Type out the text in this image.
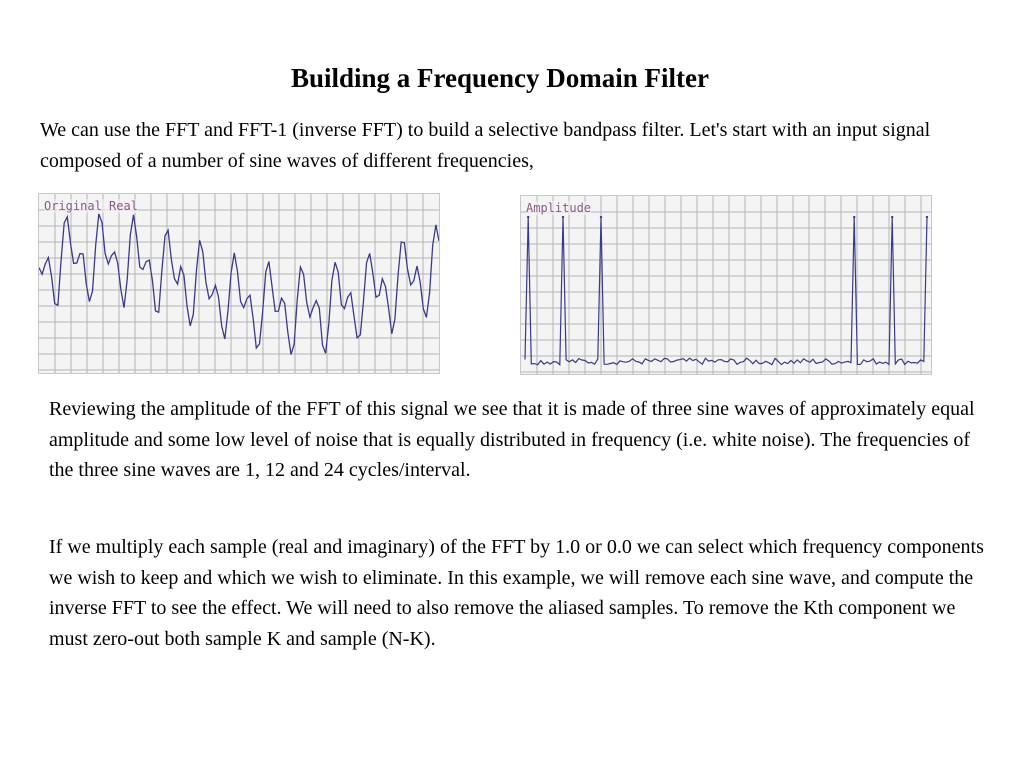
Building a Frequency Domain Filter

We can use the FFT and FFT-1 (inverse FFT) to build a selective bandpass filter. Let's start with an input signal composed of a number of sine waves of different frequencies,

Original Real	Amplitude

Reviewing the amplitude of the FFT of this signal we see that it is made of three sine waves of approximately equal amplitude and some low level of noise that is equally distributed in frequency (i.e. white noise). The frequencies of the three sine waves are 1, 12 and 24 cycles/interval.

If we multiply each sample (real and imaginary) of the FFT by 1.0 or 0.0 we can select which frequency components we wish to keep and which we wish to eliminate. In this example, we will remove each sine wave, and compute the inverse FFT to see the effect. We will need to also remove the aliased samples. To remove the Kth component we must zero-out both sample K and sample (N-K).
